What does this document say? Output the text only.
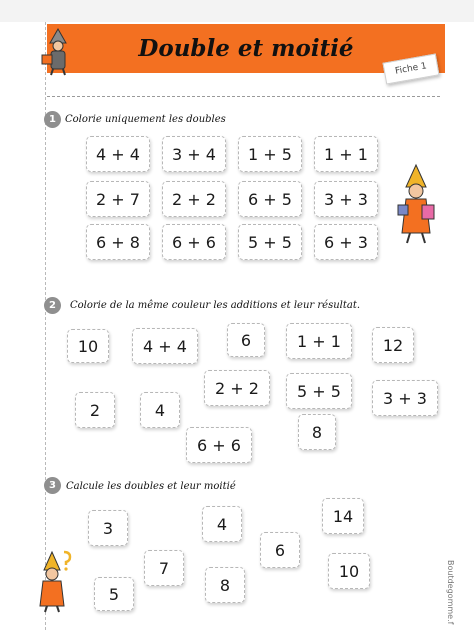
Double et moitié
Fiche 1
1 Colorie uniquement les doubles
4 + 4	3 + 4	1 + 5	1 + 1
2 + 7	2 + 2	6 + 5	3 + 3
6 + 8	6 + 6	5 + 5	6 + 3
2	Colorie de la même couleur les additions et leur résultat.
10	4 + 4	6	1 + 1	12
2 + 2	5 + 5	3 + 3
2	4
8
6 + 6
3	Calcule les doubles et leur moitié
3	4	14
6
7	10
8
5	Boutdegomme.f
